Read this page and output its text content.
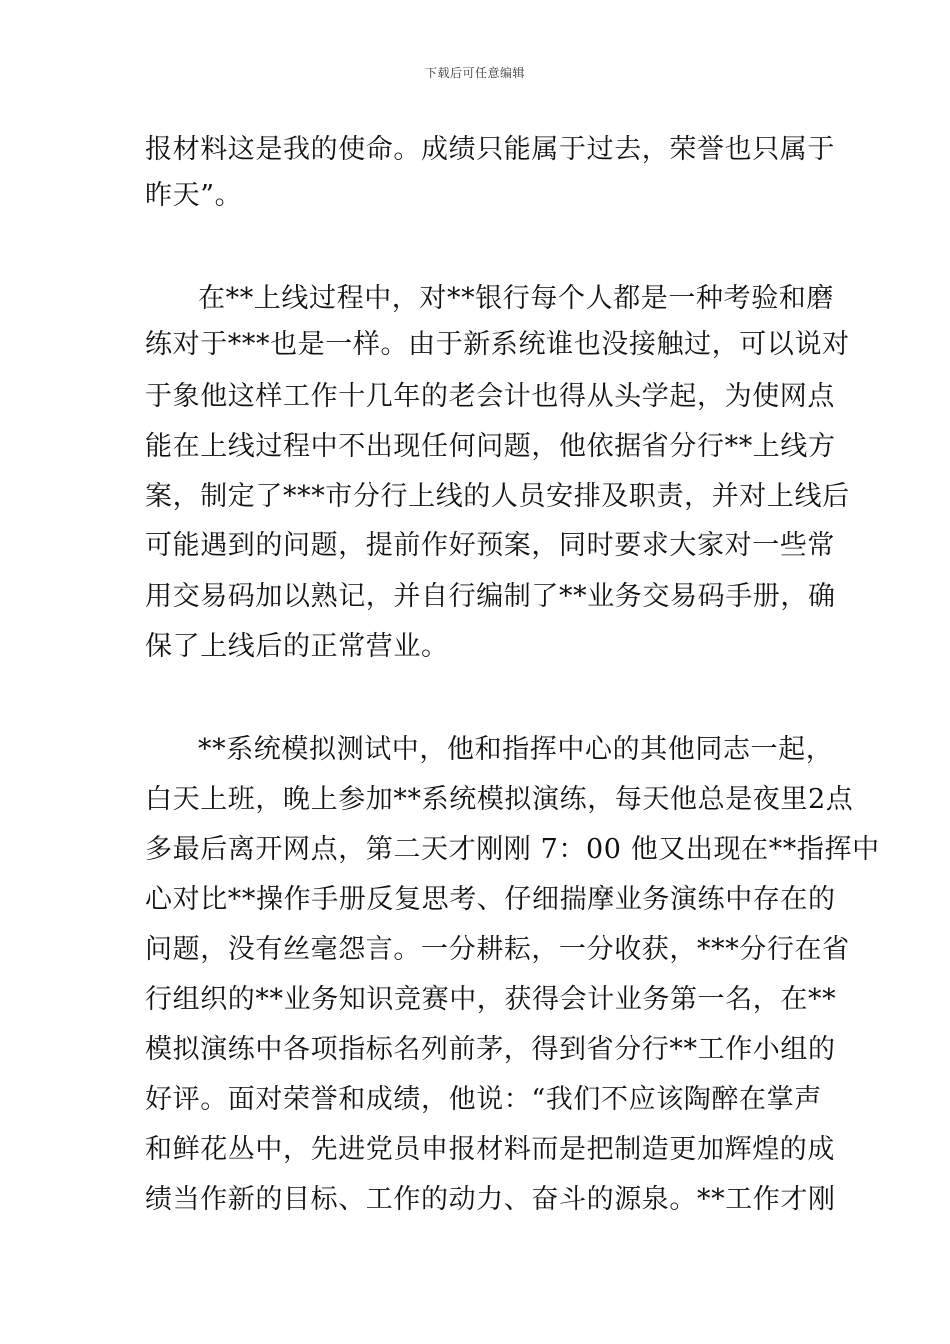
下载后可任意编辑
报材料这是我的使命。成绩只能属于过去，荣誉也只属于
昨天”。
在**上线过程中，对**银行每个人都是一种考验和磨
练对于***也是一样。由于新系统谁也没接触过，可以说对
于象他这样工作十几年的老会计也得从头学起，为使网点
能在上线过程中不出现任何问题，他依据省分行**上线方
案，制定了***市分行上线的人员安排及职责，并对上线后
可能遇到的问题，提前作好预案，同时要求大家对一些常
用交易码加以熟记，并自行编制了**业务交易码手册，确
保了上线后的正常营业。
**系统模拟测试中，他和指挥中心的其他同志一起，
白天上班，晚上参加**系统模拟演练，每天他总是夜里2点
多最后离开网点，第二天才刚刚 7：00 他又出现在**指挥中
心对比**操作手册反复思考、仔细揣摩业务演练中存在的
问题，没有丝毫怨言。一分耕耘，一分收获，***分行在省
行组织的**业务知识竞赛中，获得会计业务第一名，在**
模拟演练中各项指标名列前茅，得到省分行**工作小组的
好评。面对荣誉和成绩，他说：“我们不应该陶醉在掌声
和鲜花丛中，先进党员申报材料而是把制造更加辉煌的成
绩当作新的目标、工作的动力、奋斗的源泉。**工作才刚
